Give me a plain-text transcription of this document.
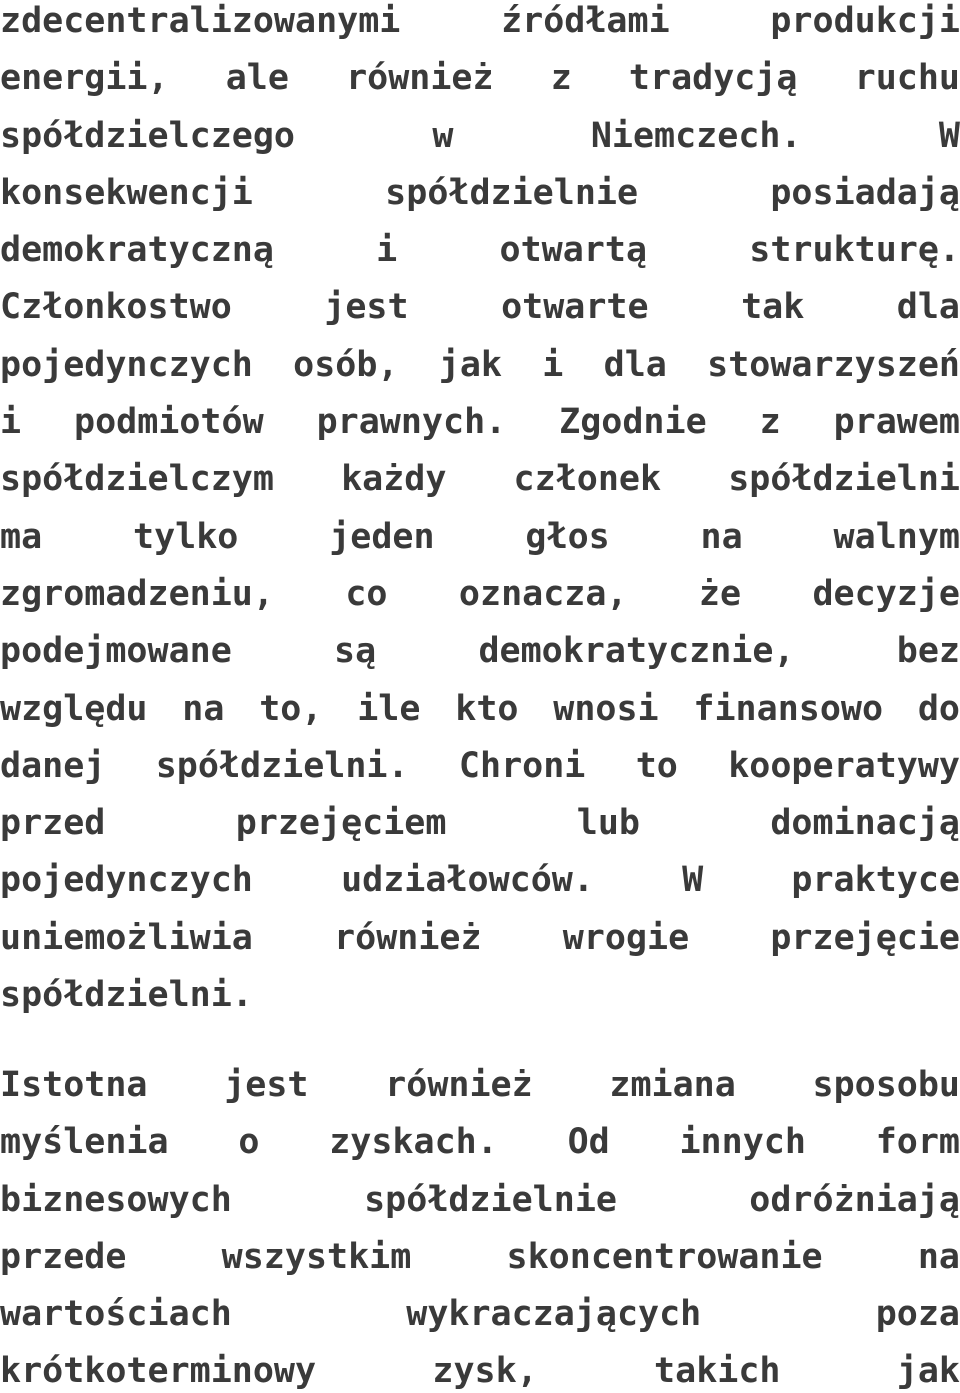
zdecentralizowanymi źródłami produkcji
energii, ale również z tradycją ruchu
spółdzielczego w Niemczech. W
konsekwencji spółdzielnie posiadają
demokratyczną i otwartą strukturę.
Członkostwo jest otwarte tak dla
pojedynczych osób, jak i dla stowarzyszeń
i podmiotów prawnych. Zgodnie z prawem
spółdzielczym każdy członek spółdzielni
ma tylko jeden głos na walnym
zgromadzeniu, co oznacza, że decyzje
podejmowane są demokratycznie, bez
względu na to, ile kto wnosi finansowo do
danej spółdzielni. Chroni to kooperatywy
przed przejęciem lub dominacją
pojedynczych udziałowców. W praktyce
uniemożliwia również wrogie przejęcie
spółdzielni.
Istotna jest również zmiana sposobu
myślenia o zyskach. Od innych form
biznesowych spółdzielnie odróżniają
przede wszystkim skoncentrowanie na
wartościach wykraczających poza
krótkoterminowy zysk, takich jak
